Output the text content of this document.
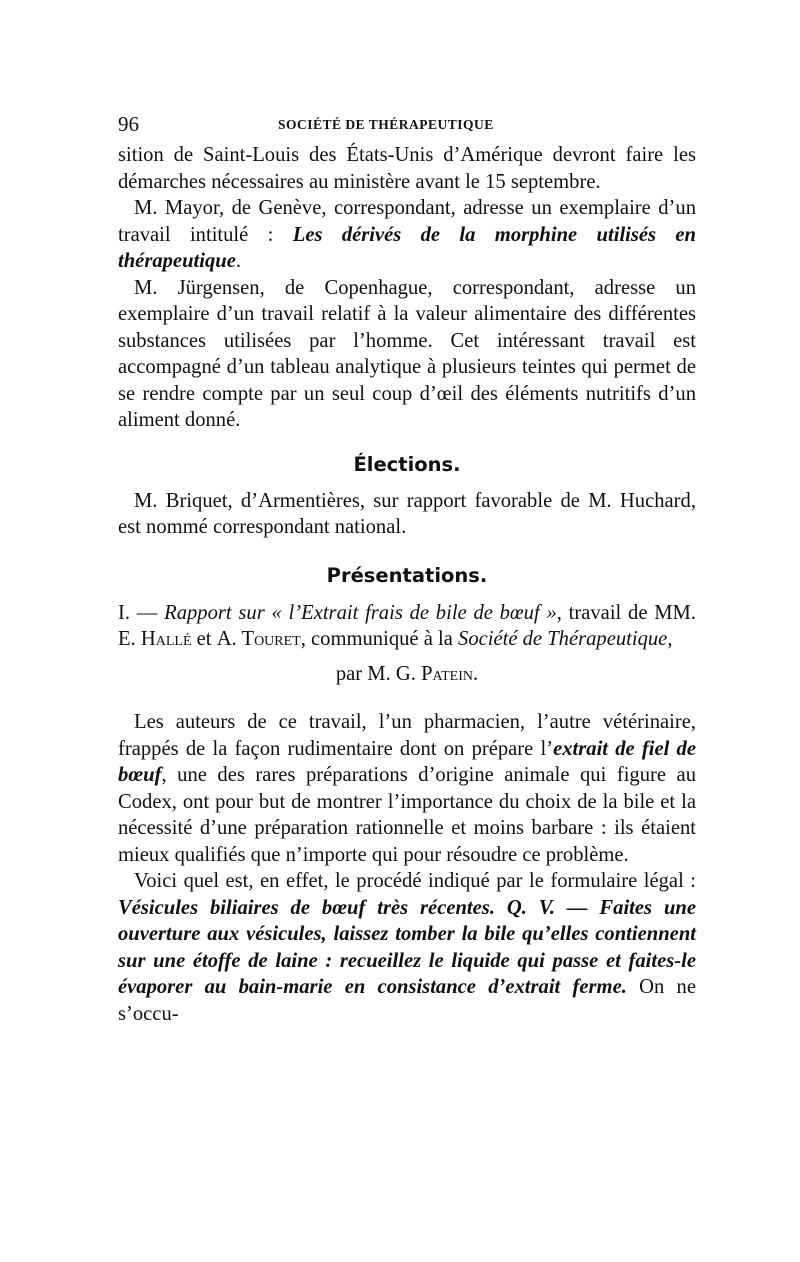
96	SOCIÉTÉ DE THÉRAPEUTIQUE

sition de Saint-Louis des États-Unis d’Amérique devront faire les démarches nécessaires au ministère avant le 15 septembre.

M. Mayor, de Genève, correspondant, adresse un exemplaire d’un travail intitulé : Les dérivés de la morphine utilisés en thérapeutique.

M. Jürgensen, de Copenhague, correspondant, adresse un exemplaire d’un travail relatif à la valeur alimentaire des différentes substances utilisées par l’homme. Cet intéressant travail est accompagné d’un tableau analytique à plusieurs teintes qui permet de se rendre compte par un seul coup d’œil des éléments nutritifs d’un aliment donné.

Élections.

M. Briquet, d’Armentières, sur rapport favorable de M. Huchard, est nommé correspondant national.

Présentations.

I. — Rapport sur « l’Extrait frais de bile de bœuf », travail de MM. E. Hallé et A. Touret, communiqué à la Société de Thérapeutique,

par M. G. Patein.

Les auteurs de ce travail, l’un pharmacien, l’autre vétérinaire, frappés de la façon rudimentaire dont on prépare l’extrait de fiel de bœuf, une des rares préparations d’origine animale qui figure au Codex, ont pour but de montrer l’importance du choix de la bile et la nécessité d’une préparation rationnelle et moins barbare : ils étaient mieux qualifiés que n’importe qui pour résoudre ce problème.

Voici quel est, en effet, le procédé indiqué par le formulaire légal : Vésicules biliaires de bœuf très récentes. Q. V. — Faites une ouverture aux vésicules, laissez tomber la bile qu’elles contiennent sur une étoffe de laine : recueillez le liquide qui passe et faites-le évaporer au bain-marie en consistance d’extrait ferme. On ne s’occu-
